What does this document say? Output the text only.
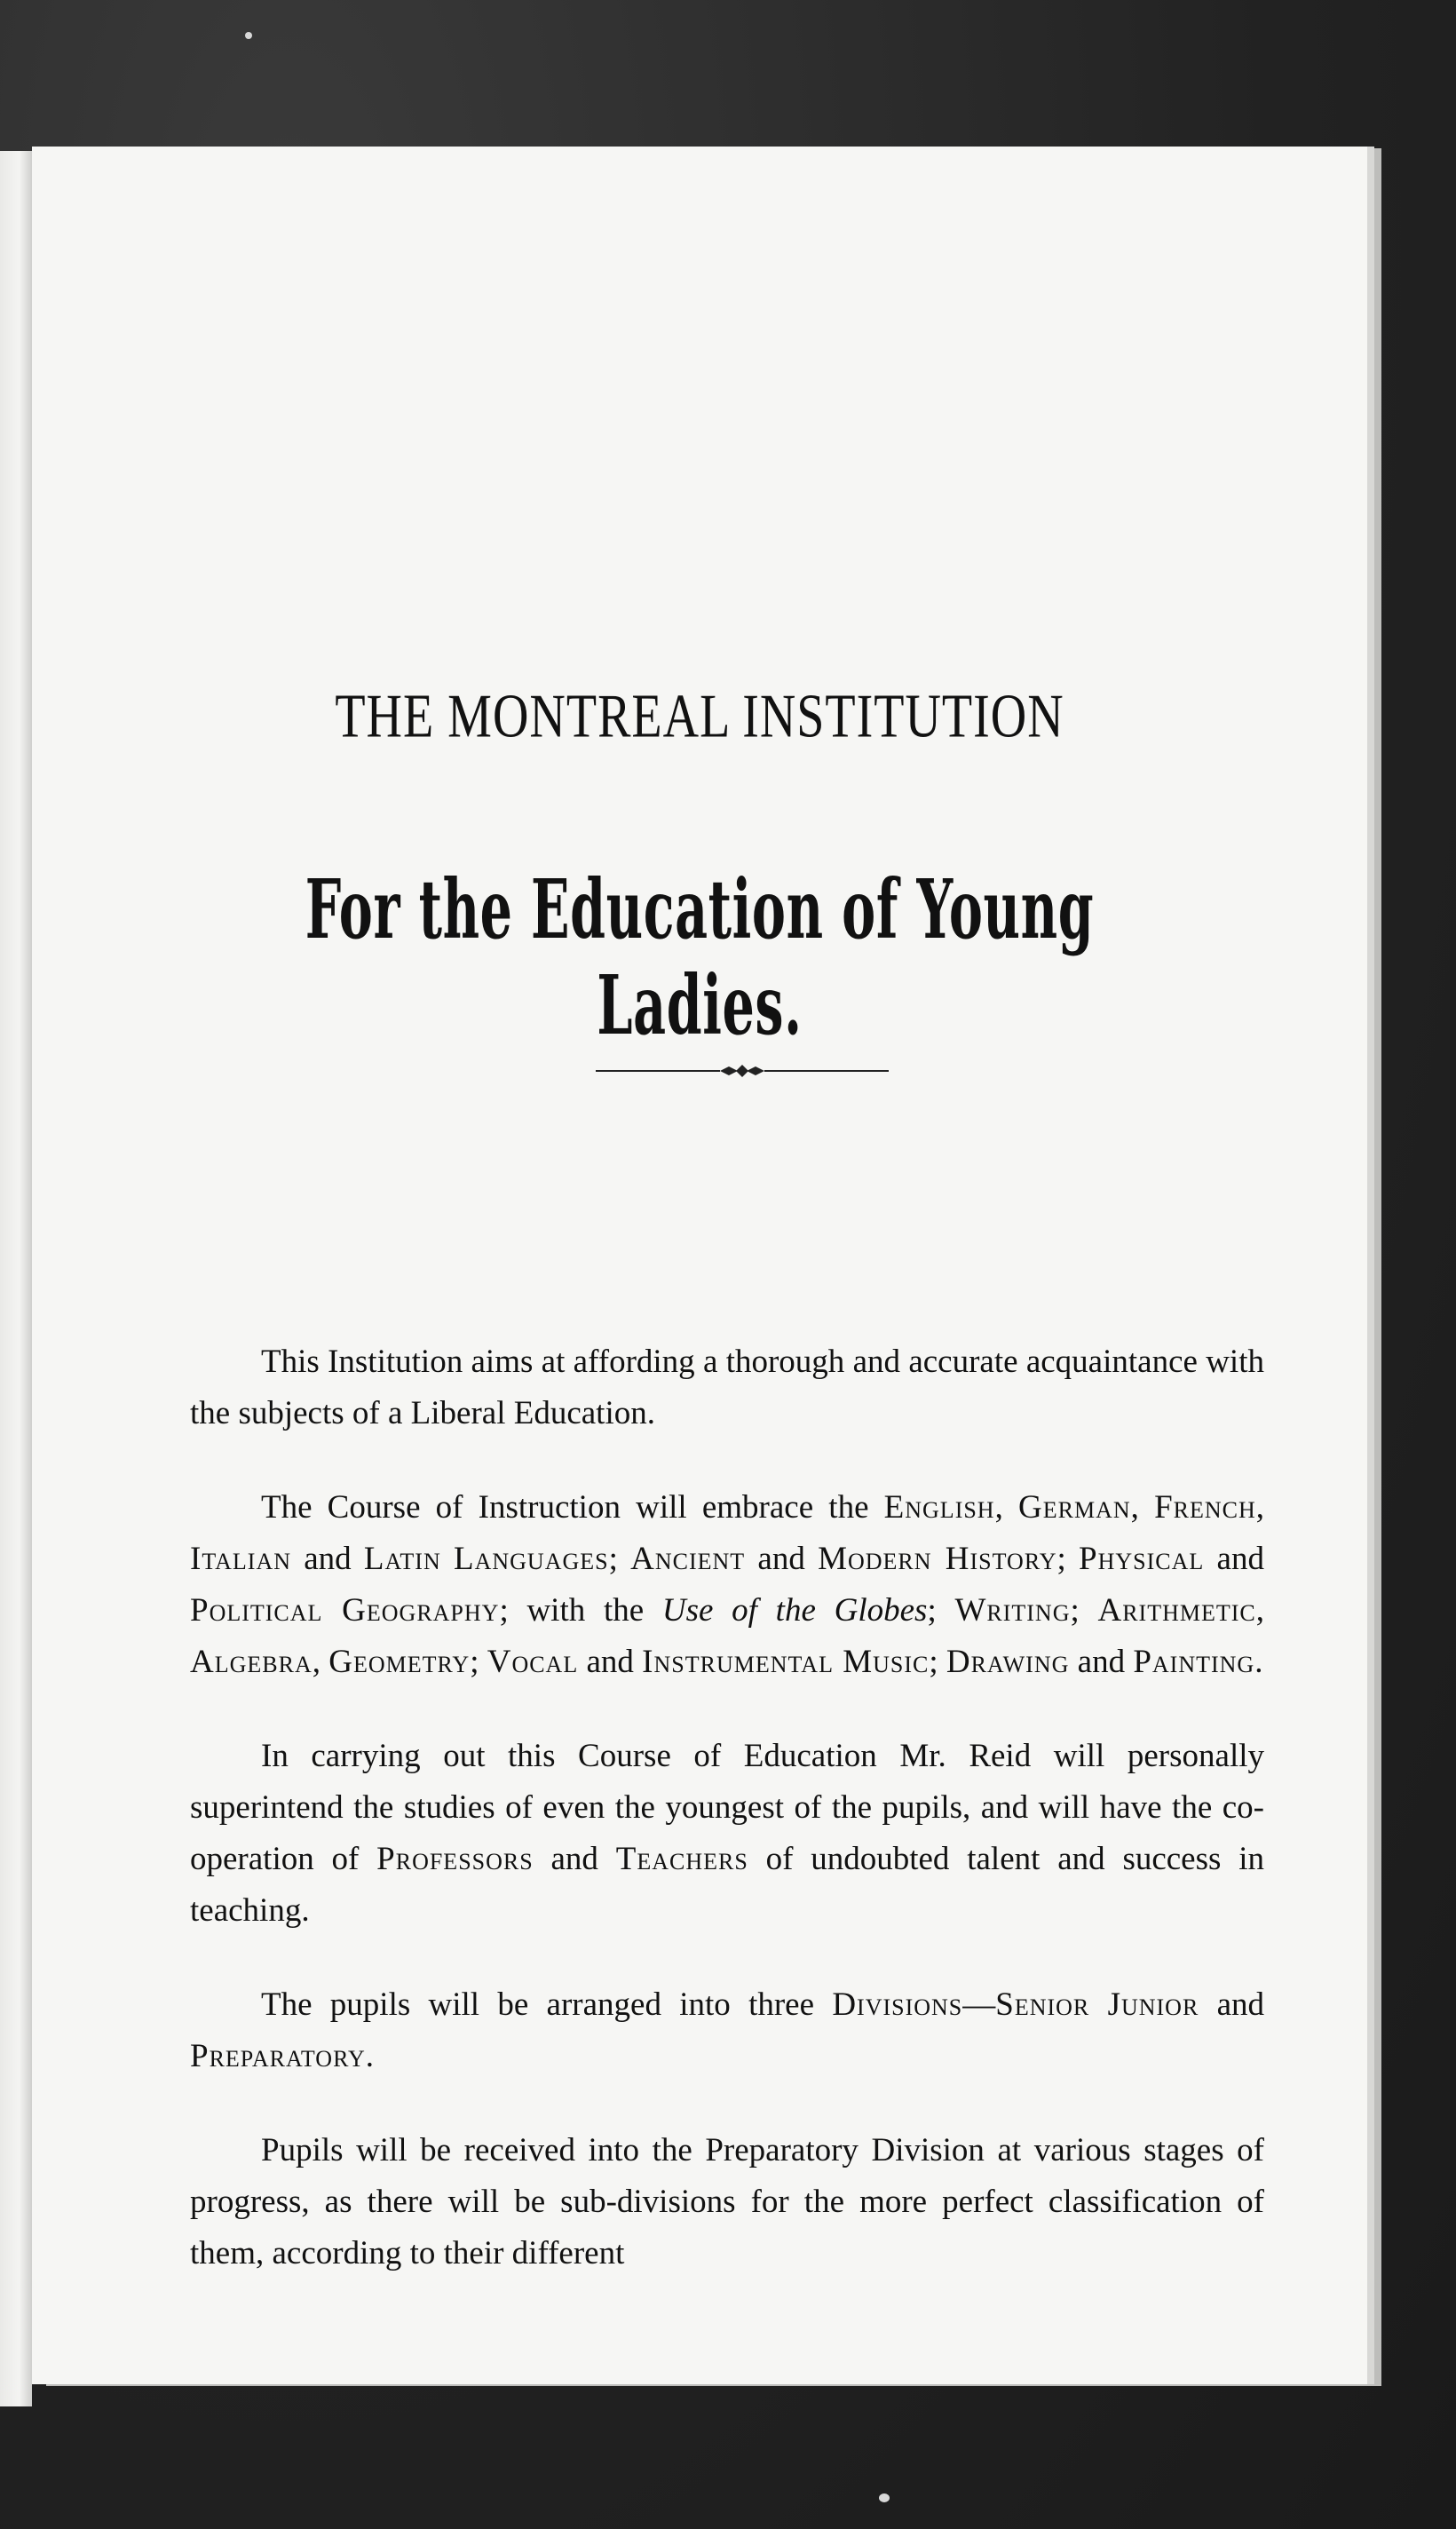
THE MONTREAL INSTITUTION
For the Education of Young Ladies.

This Institution aims at affording a thorough and accurate acquaintance with the subjects of a Liberal Education.

The Course of Instruction will embrace the English, German, French, Italian and Latin Languages; Ancient and Modern History; Physical and Political Geography; with the Use of the Globes; Writing; Arithmetic, Algebra, Geometry; Vocal and Instrumental Music; Drawing and Painting.

In carrying out this Course of Education Mr. Reid will personally superintend the studies of even the youngest of the pupils, and will have the co-operation of Professors and Teachers of undoubted talent and success in teaching.

The pupils will be arranged into three Divisions—Senior Junior and Preparatory.

Pupils will be received into the Preparatory Division at various stages of progress, as there will be sub-divisions for the more perfect classification of them, according to their different
